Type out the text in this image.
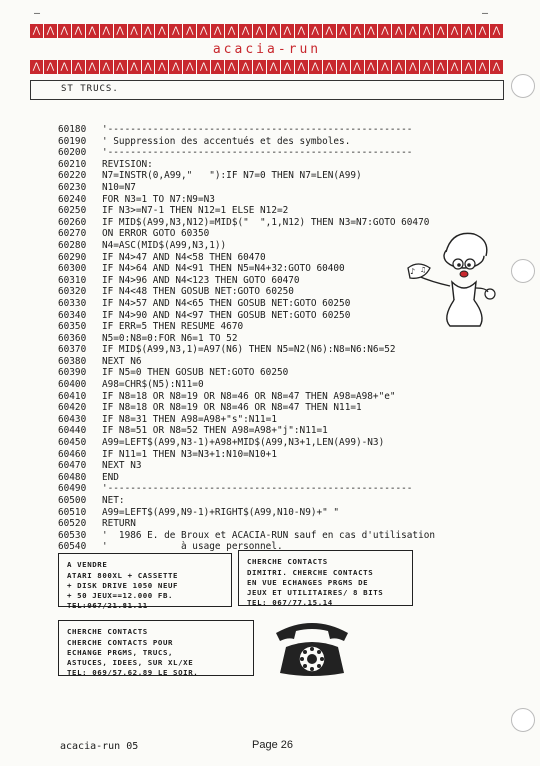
—	—
⋀ ⋀ ⋀ ⋀ ⋀ ⋀ ⋀ ⋀ ⋀ ⋀ ⋀ ⋀ ⋀ ⋀ ⋀ ⋀ ⋀ ⋀ ⋀ ⋀ ⋀ ⋀ ⋀ ⋀ ⋀ ⋀ ⋀ ⋀ ⋀ ⋀ ⋀ ⋀ ⋀ ⋀
acacia-run
⋀ ⋀ ⋀ ⋀ ⋀ ⋀ ⋀ ⋀ ⋀ ⋀ ⋀ ⋀ ⋀ ⋀ ⋀ ⋀ ⋀ ⋀ ⋀ ⋀ ⋀ ⋀ ⋀ ⋀ ⋀ ⋀ ⋀ ⋀ ⋀ ⋀ ⋀ ⋀ ⋀ ⋀
ST TRUCS.
60180 '------------------------------------------------------
60190 ' Suppression des accentués et des symboles.
60200 '------------------------------------------------------
60210 REVISION:
60220 N7=INSTR(0,A99,"   "):IF N7=0 THEN N7=LEN(A99)
60230 N10=N7
60240 FOR N3=1 TO N7:N9=N3
60250 IF N3>=N7-1 THEN N12=1 ELSE N12=2
60260 IF MID$(A99,N3,N12)=MID$("  ",1,N12) THEN N3=N7:GOTO 60470
60270 ON ERROR GOTO 60350
60280 N4=ASC(MID$(A99,N3,1))
60290 IF N4>47 AND N4<58 THEN 60470
60300 IF N4>64 AND N4<91 THEN N5=N4+32:GOTO 60400
60310 IF N4>96 AND N4<123 THEN GOTO 60470
60320 IF N4<48 THEN GOSUB NET:GOTO 60250
60330 IF N4>57 AND N4<65 THEN GOSUB NET:GOTO 60250
60340 IF N4>90 AND N4<97 THEN GOSUB NET:GOTO 60250
60350 IF ERR=5 THEN RESUME 4670
60360 N5=0:N8=0:FOR N6=1 TO 52
60370 IF MID$(A99,N3,1)=A97(N6) THEN N5=N2(N6):N8=N6:N6=52
60380 NEXT N6
60390 IF N5=0 THEN GOSUB NET:GOTO 60250
60400 A98=CHR$(N5):N11=0
60410 IF N8=18 OR N8=19 OR N8=46 OR N8=47 THEN A98=A98+"e"
60420 IF N8=18 OR N8=19 OR N8=46 OR N8=47 THEN N11=1
60430 IF N8=31 THEN A98=A98+"s":N11=1
60440 IF N8=51 OR N8=52 THEN A98=A98+"j":N11=1
60450 A99=LEFT$(A99,N3-1)+A98+MID$(A99,N3+1,LEN(A99)-N3)
60460 IF N11=1 THEN N3=N3+1:N10=N10+1
60470 NEXT N3
60480 END
60490 '------------------------------------------------------
60500 NET:
60510 A99=LEFT$(A99,N9-1)+RIGHT$(A99,N10-N9)+" "
60520 RETURN
60530 '  1986 E. de Broux et ACACIA-RUN sauf en cas d'utilisation
60540 '             à usage personnel.
♪ ♫
A VENDRE
ATARI 800XL + CASSETTE
+ DISK DRIVE 1050 NEUF
+ 50 JEUX==12.000 FB.
TEL:067/21.81.11
CHERCHE CONTACTS
DIMITRI. CHERCHE CONTACTS
EN VUE ECHANGES PRGMS DE
JEUX ET UTILITAIRES/ 8 BITS
TEL: 067/77.15.14
CHERCHE CONTACTS
CHERCHE CONTACTS POUR
ECHANGE PRGMS, TRUCS,
ASTUCES, IDEES, SUR XL/XE
TEL: 069/57.62.89 LE SOIR.
acacia-run 05	Page 26
